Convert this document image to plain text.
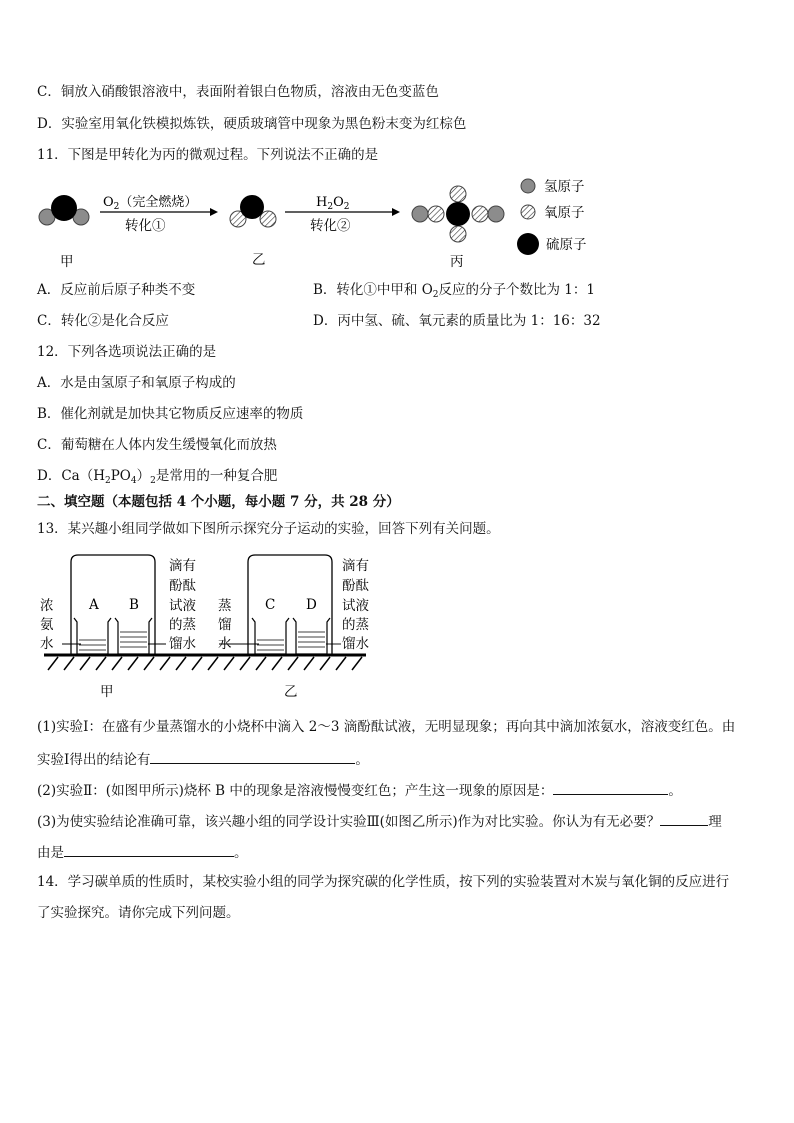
C．铜放入硝酸银溶液中，表面附着银白色物质，溶液由无色变蓝色
D．实验室用氧化铁模拟炼铁，硬质玻璃管中现象为黑色粉末变为红棕色
11．下图是甲转化为丙的微观过程。下列说法不正确的是
$O_2$（完全燃烧）
转化①
$H_2O_2$
转化②
氢原子
氧原子
硫原子
甲	乙	丙
A．反应前后原子种类不变	B．转化①中甲和 $O_2$反应的分子个数比为 1：1
C．转化②是化合反应	D．丙中氢、硫、氧元素的质量比为 1：16：32
12．下列各选项说法正确的是
A．水是由氢原子和氧原子构成的
B．催化剂就是加快其它物质反应速率的物质
C．葡萄糖在人体内发生缓慢氧化而放热
D．$Ca(H_2PO_4)_2$是常用的一种复合肥
二、填空题（本题包括 4 个小题，每小题 7 分，共 28 分）
13．某兴趣小组同学做如下图所示探究分子运动的实验，回答下列有关问题。
A B	C D
浓
氨
水
蒸
馏
水
滴有
酚酞
试液
的蒸
馏水
滴有
酚酞
试液
的蒸
馏水
甲	乙
(1)实验Ⅰ：在盛有少量蒸馏水的小烧杯中滴入 2～3 滴酚酞试液，无明显现象；再向其中滴加浓氨水，溶液变红色。由
实验Ⅰ得出的结论有	。
(2)实验Ⅱ：(如图甲所示)烧杯 B 中的现象是溶液慢慢变红色；产生这一现象的原因是：	。
(3)为使实验结论准确可靠，该兴趣小组的同学设计实验Ⅲ(如图乙所示)作为对比实验。你认为有无必要？	理
由是	。
14．学习碳单质的性质时，某校实验小组的同学为探究碳的化学性质，按下列的实验装置对木炭与氧化铜的反应进行
了实验探究。请你完成下列问题。
